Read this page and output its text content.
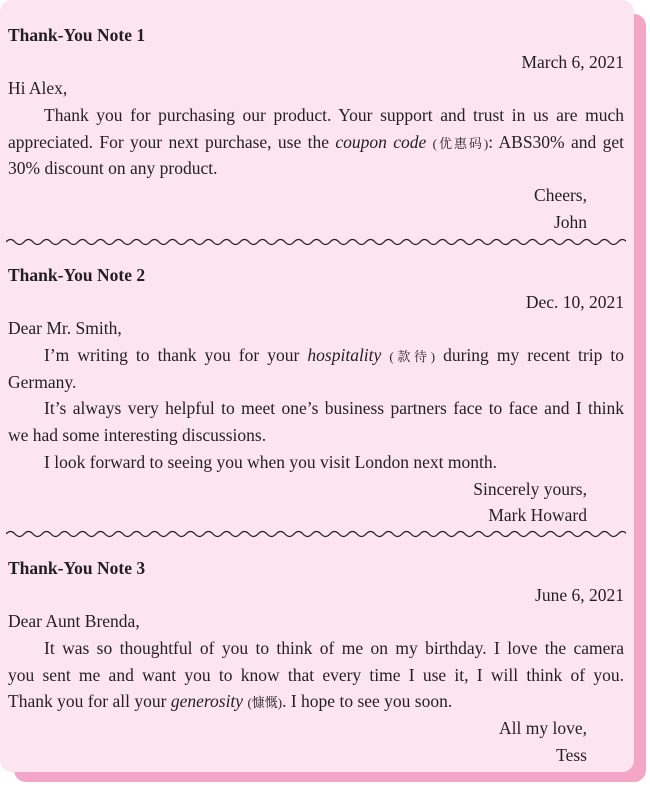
Thank-You Note 1
March 6, 2021
Hi Alex,
Thank you for purchasing our product. Your support and trust in us are much
appreciated. For your next purchase, use the coupon code (优惠码): ABS30% and get
30% discount on any product.
Cheers,
John
Thank-You Note 2
Dec. 10, 2021
Dear Mr. Smith,
I’m writing to thank you for your hospitality (款待) during my recent trip to
Germany.
It’s always very helpful to meet one’s business partners face to face and I think
we had some interesting discussions.
I look forward to seeing you when you visit London next month.
Sincerely yours,
Mark Howard
Thank-You Note 3
June 6, 2021
Dear Aunt Brenda,
It was so thoughtful of you to think of me on my birthday. I love the camera
you sent me and want you to know that every time I use it, I will think of you.
Thank you for all your generosity (慷慨). I hope to see you soon.
All my love,
Tess
